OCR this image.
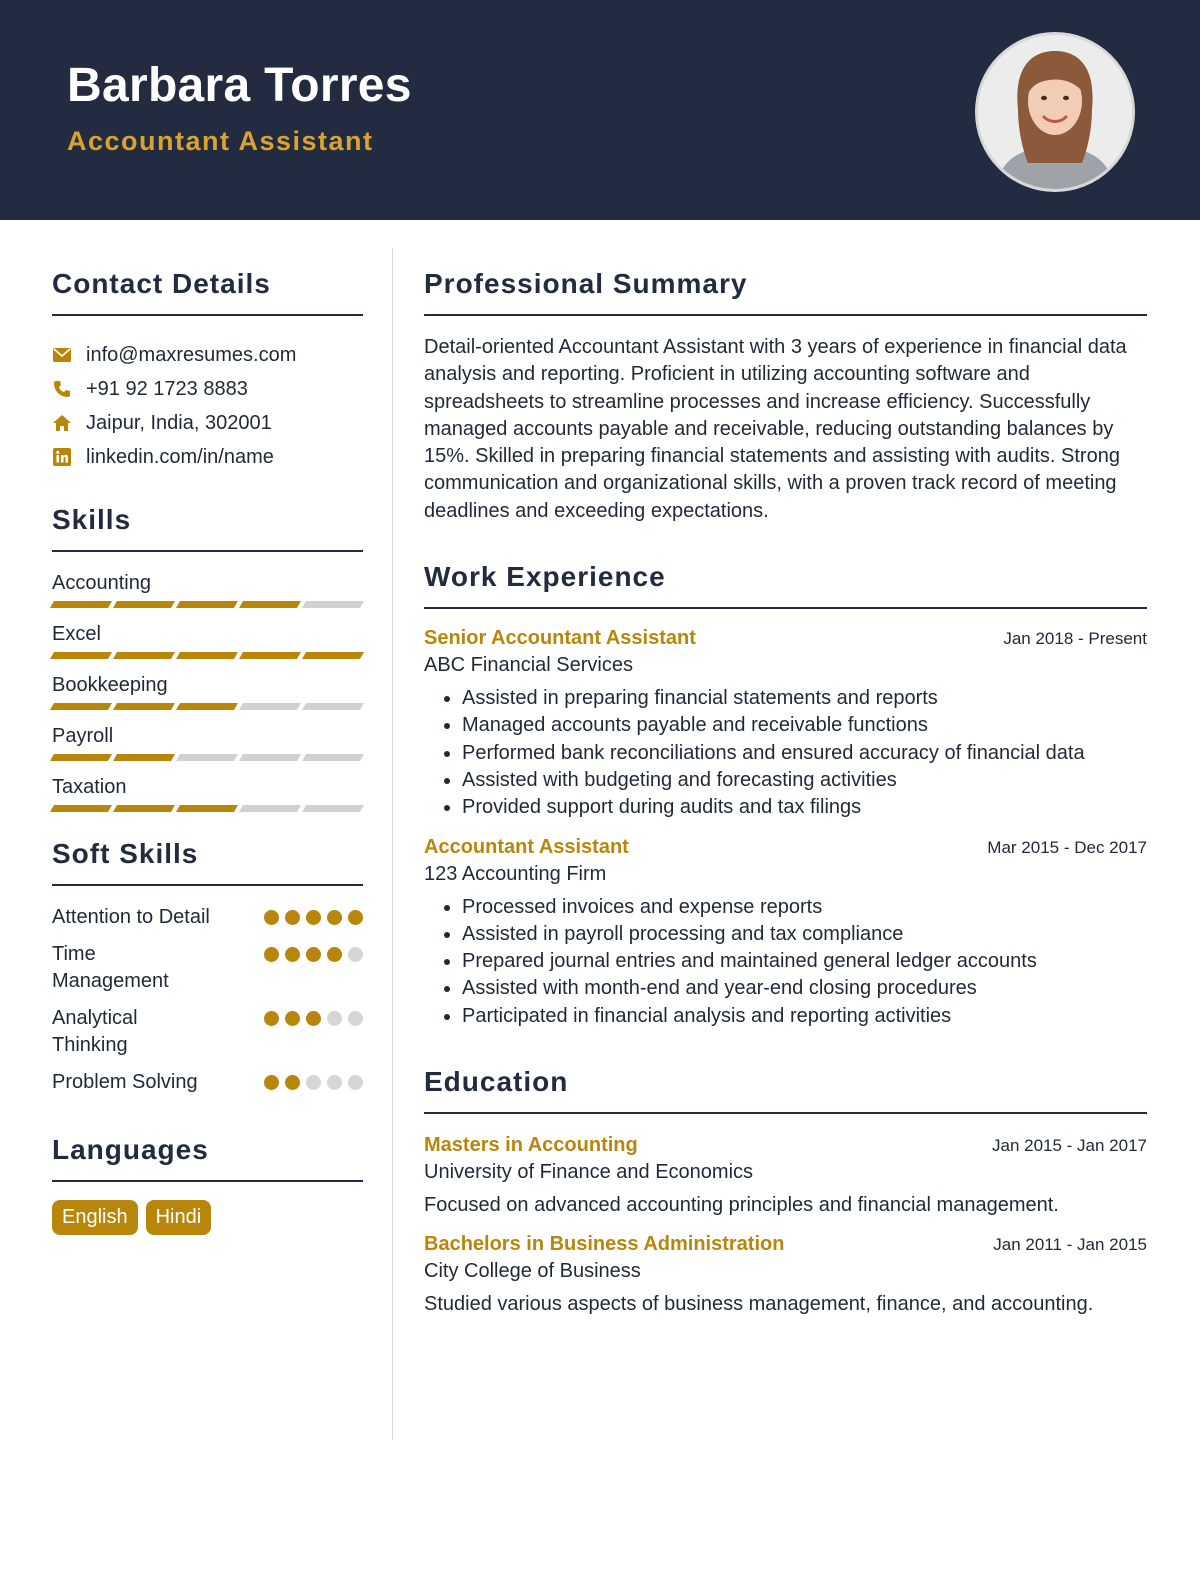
Barbara Torres
Accountant Assistant
Contact Details
info@maxresumes.com
+91 92 1723 8883
Jaipur, India, 302001
linkedin.com/in/name
Skills
Accounting
Excel
Bookkeeping
Payroll
Taxation
Soft Skills
Attention to Detail
Time Management
Analytical Thinking
Problem Solving
Languages
English	Hindi
Professional Summary
Detail-oriented Accountant Assistant with 3 years of experience in financial data analysis and reporting. Proficient in utilizing accounting software and spreadsheets to streamline processes and increase efficiency. Successfully managed accounts payable and receivable, reducing outstanding balances by 15%. Skilled in preparing financial statements and assisting with audits. Strong communication and organizational skills, with a proven track record of meeting deadlines and exceeding expectations.
Work Experience
Senior Accountant Assistant	Jan 2018 - Present
ABC Financial Services
• Assisted in preparing financial statements and reports
• Managed accounts payable and receivable functions
• Performed bank reconciliations and ensured accuracy of financial data
• Assisted with budgeting and forecasting activities
• Provided support during audits and tax filings
Accountant Assistant	Mar 2015 - Dec 2017
123 Accounting Firm
• Processed invoices and expense reports
• Assisted in payroll processing and tax compliance
• Prepared journal entries and maintained general ledger accounts
• Assisted with month-end and year-end closing procedures
• Participated in financial analysis and reporting activities
Education
Masters in Accounting	Jan 2015 - Jan 2017
University of Finance and Economics
Focused on advanced accounting principles and financial management.
Bachelors in Business Administration	Jan 2011 - Jan 2015
City College of Business
Studied various aspects of business management, finance, and accounting.
